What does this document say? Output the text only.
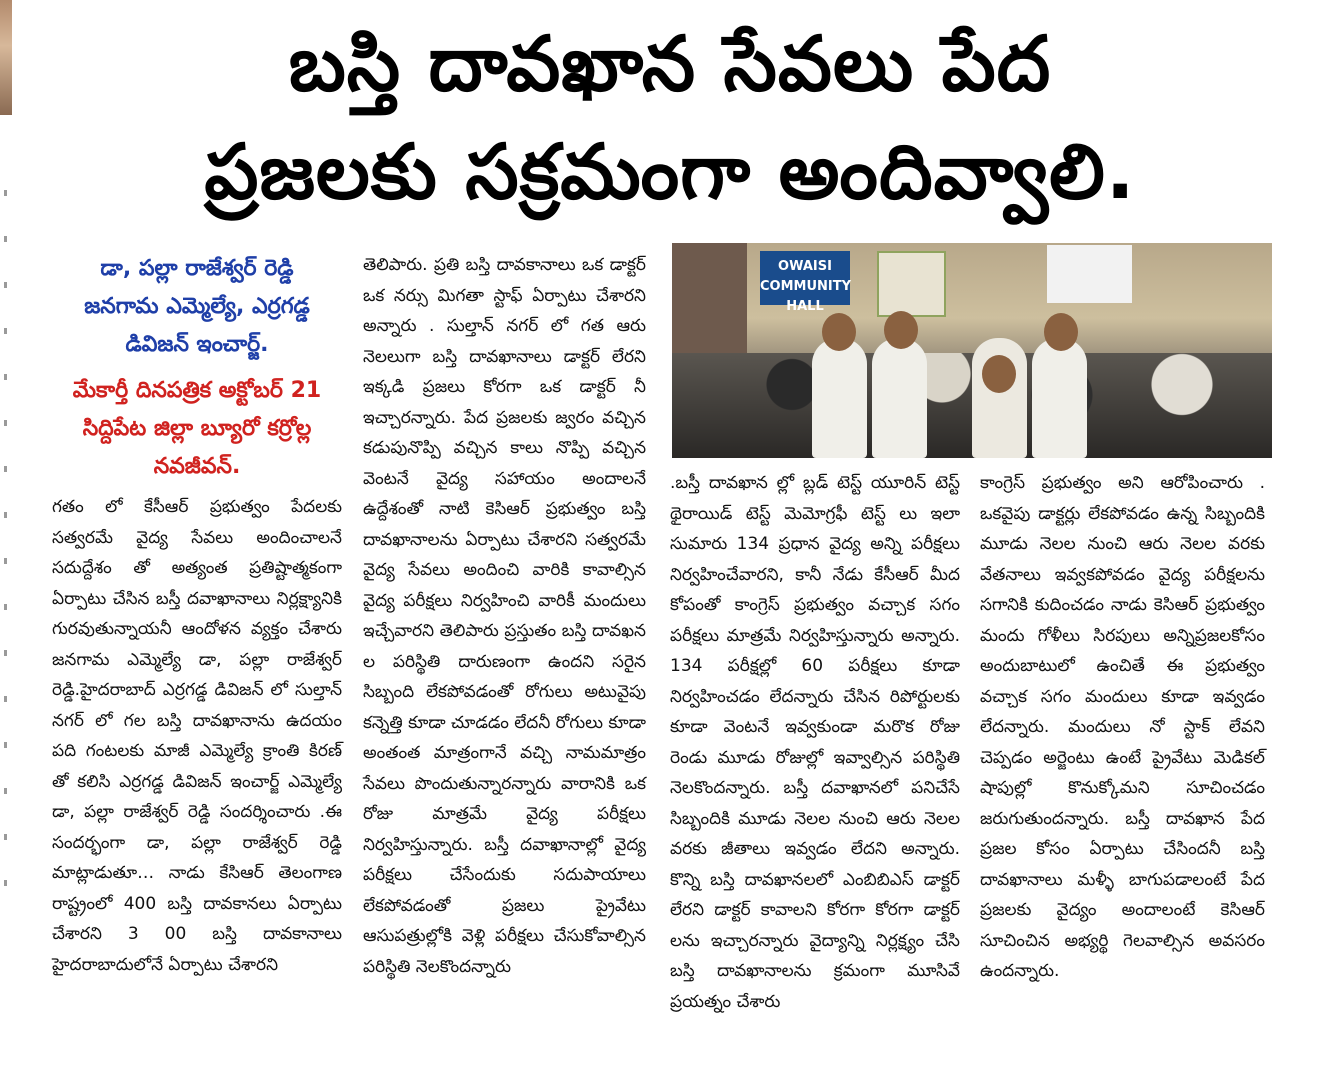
బస్తి దావఖాన సేవలు పేద
ప్రజలకు సక్రమంగా అందివ్వాలి.
డా, పల్లా రాజేశ్వర్ రెడ్డి
జనగామ ఎమ్మెల్యే, ఎర్రగడ్డ
డివిజన్ ఇంచార్జ్.
మేకార్తీ దినపత్రిక అక్టోబర్ 21
సిద్దిపేట జిల్లా బ్యూరో కర్రోల్ల
నవజీవన్.

గతం లో కేసీఆర్ ప్రభుత్వం పేదలకు సత్వరమే వైద్య సేవలు అందించాలనే సదుద్దేశం తో అత్యంత ప్రతిష్టాత్మకంగా ఏర్పాటు చేసిన బస్తీ దవాఖానాలు నిర్లక్ష్యానికి గురవుతున్నాయనీ ఆందోళన వ్యక్తం చేశారు జనగామ ఎమ్మెల్యే డా, పల్లా రాజేశ్వర్ రెడ్డి.హైదరాబాద్ ఎర్రగడ్డ డివిజన్ లో సుల్తాన్ నగర్ లో గల బస్తి దావఖానాను ఉదయం పది గంటలకు మాజీ ఎమ్మెల్యే క్రాంతి కిరణ్ తో కలిసి ఎర్రగడ్డ డివిజన్ ఇంచార్జ్ ఎమ్మెల్యే డా, పల్లా రాజేశ్వర్ రెడ్డి సందర్శించారు .ఈ సందర్భంగా డా, పల్లా రాజేశ్వర్ రెడ్డి మాట్లాడుతూ… నాడు కేసిఆర్ తెలంగాణ రాష్ట్రంలో 400 బస్తి దావకానలు ఏర్పాటు చేశారని 3 00 బస్తి దావకానాలు హైదరాబాదులోనే ఏర్పాటు చేశారని

తెలిపారు. ప్రతి బస్తి దావకానాలు ఒక డాక్టర్ ఒక నర్సు మిగతా స్టాఫ్ ఏర్పాటు చేశారని అన్నారు . సుల్తాన్ నగర్ లో గత ఆరు నెలలుగా బస్తి దావఖానాలు డాక్టర్ లేరని ఇక్కడి ప్రజలు కోరగా ఒక డాక్టర్ నీ ఇచ్చారన్నారు. పేద ప్రజలకు జ్వరం వచ్చిన కడుపునొప్పి వచ్చిన కాలు నొప్పి వచ్చిన వెంటనే వైద్య సహాయం అందాలనే ఉద్దేశంతో నాటి కెసిఆర్ ప్రభుత్వం బస్తి దావఖానాలను ఏర్పాటు చేశారని సత్వరమే వైద్య సేవలు అందించి వారికి కావాల్సిన వైద్య పరీక్షలు నిర్వహించి వారికీ మందులు ఇచ్చేవారని తెలిపారు ప్రస్తుతం బస్తి దావఖన ల పరిస్థితి దారుణంగా ఉందని సరైన సిబ్బంది లేకపోవడంతో రోగులు అటువైపు కన్నెత్తి కూడా చూడడం లేదనీ రోగులు కూడా అంతంత మాత్రంగానే వచ్చి నామమాత్రం సేవలు పొందుతున్నారన్నారు వారానికి ఒక రోజు మాత్రమే వైద్య పరీక్షలు నిర్వహిస్తున్నారు. బస్తీ దవాఖానాల్లో వైద్య పరీక్షలు చేసేందుకు సదుపాయాలు లేకపోవడంతో ప్రజలు ప్రైవేటు ఆసుపత్రుల్లోకి వెళ్లి పరీక్షలు చేసుకోవాల్సిన పరిస్థితి నెలకొందన్నారు

OWAISI COMMUNITY HALL

.బస్తీ దావఖాన ల్లో బ్లడ్ టెస్ట్ యూరిన్ టెస్ట్ థైరాయిడ్ టెస్ట్ మెమోగ్రఫీ టెస్ట్ లు ఇలా సుమారు 134 ప్రధాన వైద్య అన్ని పరీక్షలు నిర్వహించేవారని, కానీ నేడు కేసీఆర్ మీద కోపంతో కాంగ్రెస్ ప్రభుత్వం వచ్చాక సగం పరీక్షలు మాత్రమే నిర్వహిస్తున్నారు అన్నారు. 134 పరీక్షల్లో 60 పరీక్షలు కూడా నిర్వహించడం లేదన్నారు చేసిన రిపోర్టులకు కూడా వెంటనే ఇవ్వకుండా మరొక రోజు రెండు మూడు రోజుల్లో ఇవ్వాల్సిన పరిస్థితి నెలకొందన్నారు. బస్తీ దవాఖానలో పనిచేసే సిబ్బందికి మూడు నెలల నుంచి ఆరు నెలల వరకు జీతాలు ఇవ్వడం లేదని అన్నారు. కొన్ని బస్తి దావఖానలలో ఎంబిబిఎస్ డాక్టర్ లేరని డాక్టర్ కావాలని కోరగా కోరగా డాక్టర్ లను ఇచ్చారన్నారు వైద్యాన్ని నిర్లక్ష్యం చేసి బస్తి దావఖానాలను క్రమంగా మూసివే ప్రయత్నం చేశారు

కాంగ్రెస్ ప్రభుత్వం అని ఆరోపించారు . ఒకవైపు డాక్టర్లు లేకపోవడం ఉన్న సిబ్బందికి మూడు నెలల నుంచి ఆరు నెలల వరకు వేతనాలు ఇవ్వకపోవడం వైద్య పరీక్షలను సగానికి కుదించడం నాడు కెసిఆర్ ప్రభుత్వం మందు గోళీలు సిరపులు అన్నిప్రజలకోసం అందుబాటులో ఉంచితే ఈ ప్రభుత్వం వచ్చాక సగం మందులు కూడా ఇవ్వడం లేదన్నారు. మందులు నో స్టాక్ లేవని చెప్పడం అర్జెంటు ఉంటే ప్రైవేటు మెడికల్ షాపుల్లో కొనుక్కోమని సూచించడం జరుగుతుందన్నారు. బస్తీ దావఖాన పేద ప్రజల కోసం ఏర్పాటు చేసిందనీ బస్తి దావఖానాలు మళ్ళీ బాగుపడాలంటే పేద ప్రజలకు వైద్యం అందాలంటే కెసిఆర్ సూచించిన అభ్యర్థి గెలవాల్సిన అవసరం ఉందన్నారు.
